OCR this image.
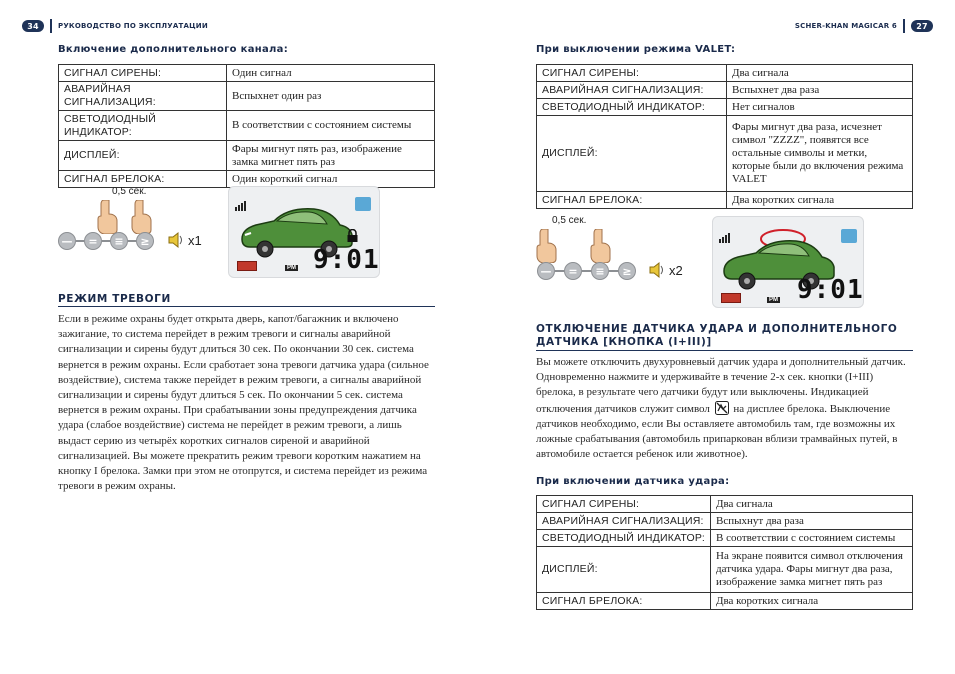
34	РУКОВОДСТВО ПО ЭКСПЛУАТАЦИИ	SCHER-KHAN MAGICAR 6	27
Включение дополнительного канала:
СИГНАЛ СИРЕНЫ:	Один сигнал
АВАРИЙНАЯ СИГНАЛИЗАЦИЯ:	Вспыхнет один раз
СВЕТОДИОДНЫЙ ИНДИКАТОР:	В соответствии с состоянием системы
ДИСПЛЕЙ:	Фары мигнут пять раз, изображение замка мигнет пять раз
СИГНАЛ БРЕЛОКА:	Один короткий сигнал
0,5 сек.
—	=	≡	≥	x1
PM 9:01
РЕЖИМ ТРЕВОГИ
Если в режиме охраны будет открыта дверь, капот/багажник и включено зажигание, то система перейдет в режим тревоги и сигналы аварийной сигнализации и сирены будут длиться 30 сек. По окончании 30 сек. система вернется в режим охраны. Если сработает зона тревоги датчика удара (сильное воздействие), система также перейдет в режим тревоги, а сигналы аварийной сигнализации и сирены будут длиться 5 сек. По окончании 5 сек. система вернется в режим охраны. При срабатывании зоны предупреждения датчика удара (слабое воздействие) система не перейдет в режим тревоги, а лишь выдаст серию из четырёх коротких сигналов сиреной и аварийной сигнализацией. Вы можете прекратить режим тревоги коротким нажатием на кнопку I брелока. Замки при этом не отопрутся, и система перейдет из режима тревоги в режим охраны.
При выключении режима VALET:
СИГНАЛ СИРЕНЫ:	Два сигнала
АВАРИЙНАЯ СИГНАЛИЗАЦИЯ:	Вспыхнет два раза
СВЕТОДИОДНЫЙ ИНДИКАТОР:	Нет сигналов
ДИСПЛЕЙ:	Фары мигнут два раза, исчезнет символ "ZZZZ", появятся все остальные символы и метки, которые были до включения режима VALET
СИГНАЛ БРЕЛОКА:	Два коротких сигнала
0,5 сек.
—	=	≡	≥	x2
PM 9:01
ОТКЛЮЧЕНИЕ ДАТЧИКА УДАРА И ДОПОЛНИТЕЛЬНОГО
ДАТЧИКА [КНОПКА (I+III)]
Вы можете отключить двухуровневый датчик удара и дополнительный датчик. Одновременно нажмите и удерживайте в течение 2-х сек. кнопки (I+III) брелока, в результате чего датчики будут или выключены. Индикацией отключения датчиков служит символ на дисплее брелока. Выключение датчиков необходимо, если Вы оставляете автомобиль там, где возможны их ложные срабатывания (автомобиль припаркован вблизи трамвайных путей, в автомобиле остается ребенок или животное).
При включении датчика удара:
СИГНАЛ СИРЕНЫ:	Два сигнала
АВАРИЙНАЯ СИГНАЛИЗАЦИЯ:	Вспыхнут два раза
СВЕТОДИОДНЫЙ ИНДИКАТОР:	В соответствии с состоянием системы
ДИСПЛЕЙ:	На экране появится символ отключения датчика удара. Фары мигнут два раза, изображение замка мигнет пять раз
СИГНАЛ БРЕЛОКА:	Два коротких сигнала
